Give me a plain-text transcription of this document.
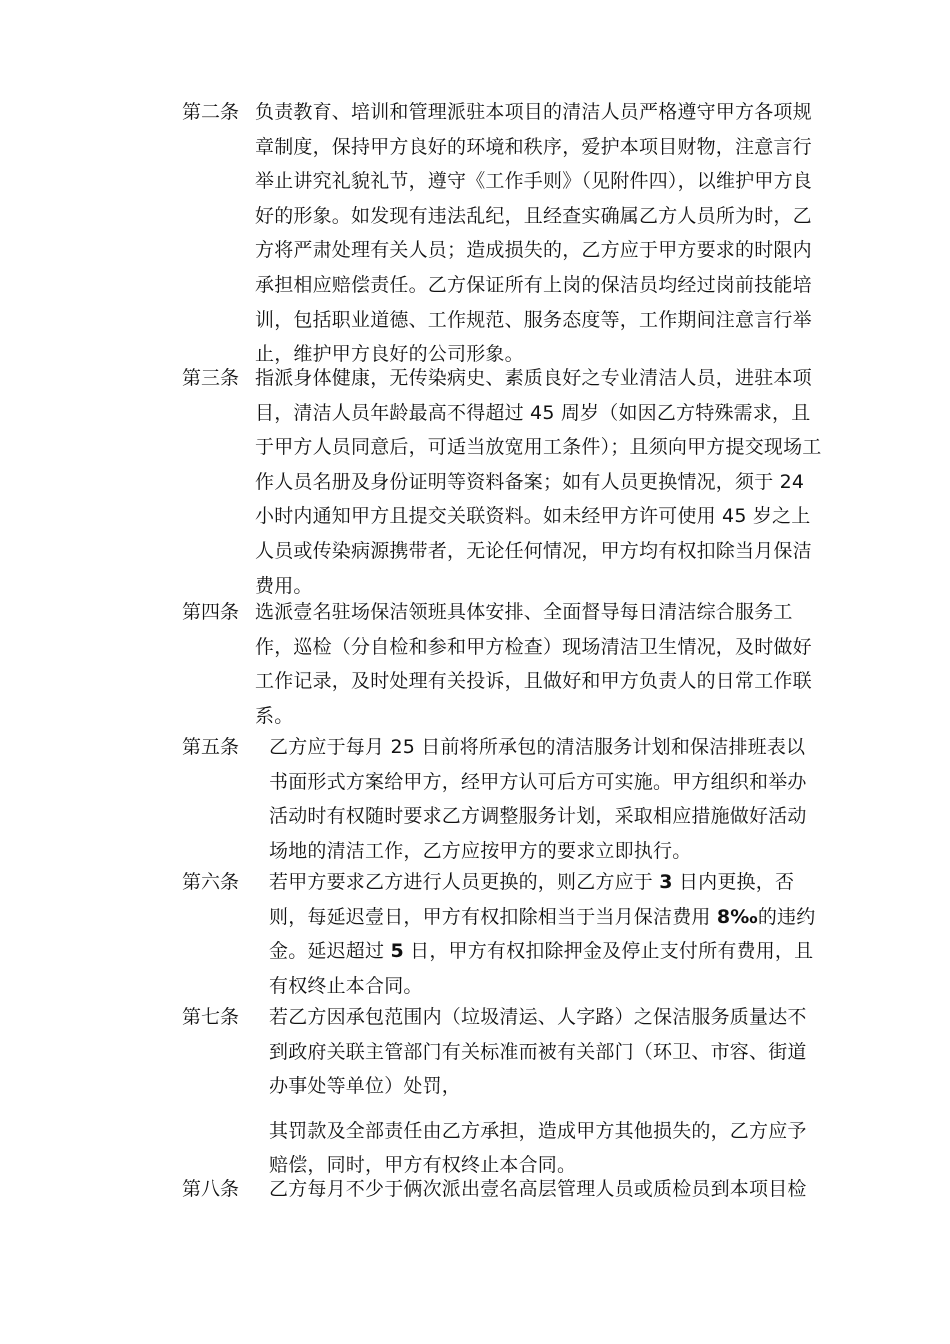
第二条 负责教育、培训和管理派驻本项目的清洁人员严格遵守甲方各项规章制度，保持甲方良好的环境和秩序，爱护本项目财物，注意言行举止讲究礼貌礼节，遵守《工作手则》（见附件四），以维护甲方良好的形象。如发现有违法乱纪，且经查实确属乙方人员所为时，乙方将严肃处理有关人员；造成损失的，乙方应于甲方要求的时限内承担相应赔偿责任。乙方保证所有上岗的保洁员均经过岗前技能培训，包括职业道德、工作规范、服务态度等，工作期间注意言行举止，维护甲方良好的公司形象。
第三条 指派身体健康，无传染病史、素质良好之专业清洁人员，进驻本项目，清洁人员年龄最高不得超过 45 周岁（如因乙方特殊需求，且于甲方人员同意后，可适当放宽用工条件）；且须向甲方提交现场工作人员名册及身份证明等资料备案；如有人员更换情况，须于 24 小时内通知甲方且提交关联资料。如未经甲方许可使用 45 岁之上人员或传染病源携带者，无论任何情况，甲方均有权扣除当月保洁费用。
第四条 选派壹名驻场保洁领班具体安排、全面督导每日清洁综合服务工作，巡检（分自检和参和甲方检查）现场清洁卫生情况，及时做好工作记录，及时处理有关投诉，且做好和甲方负责人的日常工作联系。
第五条 乙方应于每月 25 日前将所承包的清洁服务计划和保洁排班表以书面形式方案给甲方，经甲方认可后方可实施。甲方组织和举办活动时有权随时要求乙方调整服务计划，采取相应措施做好活动场地的清洁工作，乙方应按甲方的要求立即执行。
第六条 若甲方要求乙方进行人员更换的，则乙方应于 3 日内更换，否则，每延迟壹日，甲方有权扣除相当于当月保洁费用 8‰的违约金。延迟超过 5 日，甲方有权扣除押金及停止支付所有费用，且有权终止本合同。
第七条 若乙方因承包范围内（垃圾清运、人字路）之保洁服务质量达不到政府关联主管部门有关标准而被有关部门（环卫、市容、街道办事处等单位）处罚，
其罚款及全部责任由乙方承担，造成甲方其他损失的，乙方应予赔偿，同时，甲方有权终止本合同。
第八条 乙方每月不少于俩次派出壹名高层管理人员或质检员到本项目检
